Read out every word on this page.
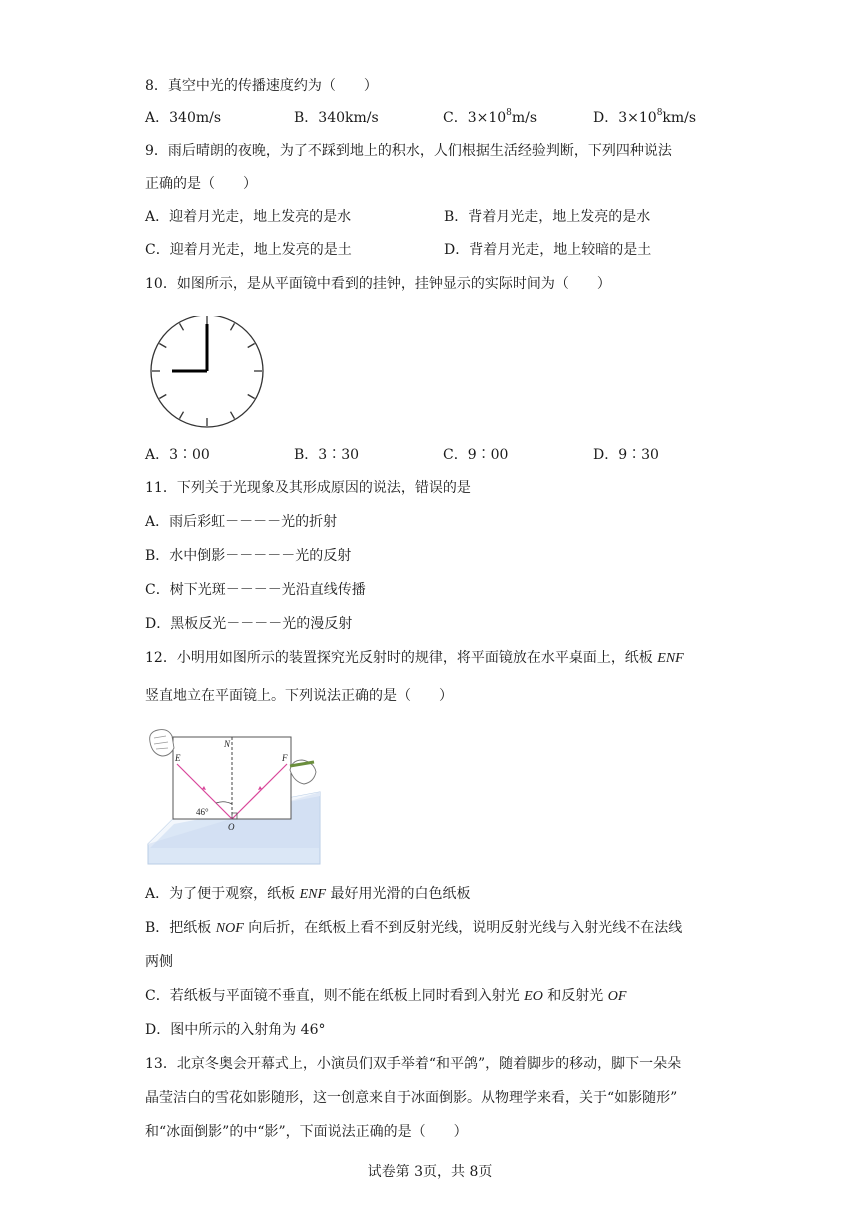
8．真空中光的传播速度约为（　　）
A．340m/s	B．340km/s	C．$3\times 10^8m/s$	D．$3\times 10^8km/s$
9．雨后晴朗的夜晚，为了不踩到地上的积水，人们根据生活经验判断，下列四种说法
正确的是（　　）
A．迎着月光走，地上发亮的是水	B．背着月光走，地上发亮的是水
C．迎着月光走，地上发亮的是土	D．背着月光走，地上较暗的是土
10．如图所示，是从平面镜中看到的挂钟，挂钟显示的实际时间为（　　）
A．3∶00	B．3∶30	C．9∶00	D．9∶30
11．下列关于光现象及其形成原因的说法，错误的是
A．雨后彩虹－－－－光的折射
B．水中倒影－－－－－光的反射
C．树下光斑－－－－光沿直线传播
D．黑板反光－－－－光的漫反射
12．小明用如图所示的装置探究光反射时的规律，将平面镜放在水平桌面上，纸板 ENF
竖直地立在平面镜上。下列说法正确的是（　　）
N
E	F
O
46°
A．为了便于观察，纸板 ENF 最好用光滑的白色纸板
B．把纸板 NOF 向后折，在纸板上看不到反射光线，说明反射光线与入射光线不在法线
两侧
C．若纸板与平面镜不垂直，则不能在纸板上同时看到入射光 EO 和反射光 OF
D．图中所示的入射角为 46°
13．北京冬奥会开幕式上，小演员们双手举着“和平鸽”，随着脚步的移动，脚下一朵朵
晶莹洁白的雪花如影随形，这一创意来自于冰面倒影。从物理学来看，关于“如影随形”
和“冰面倒影”的中“影”，下面说法正确的是（　　）
试卷第 3页，共 8页
